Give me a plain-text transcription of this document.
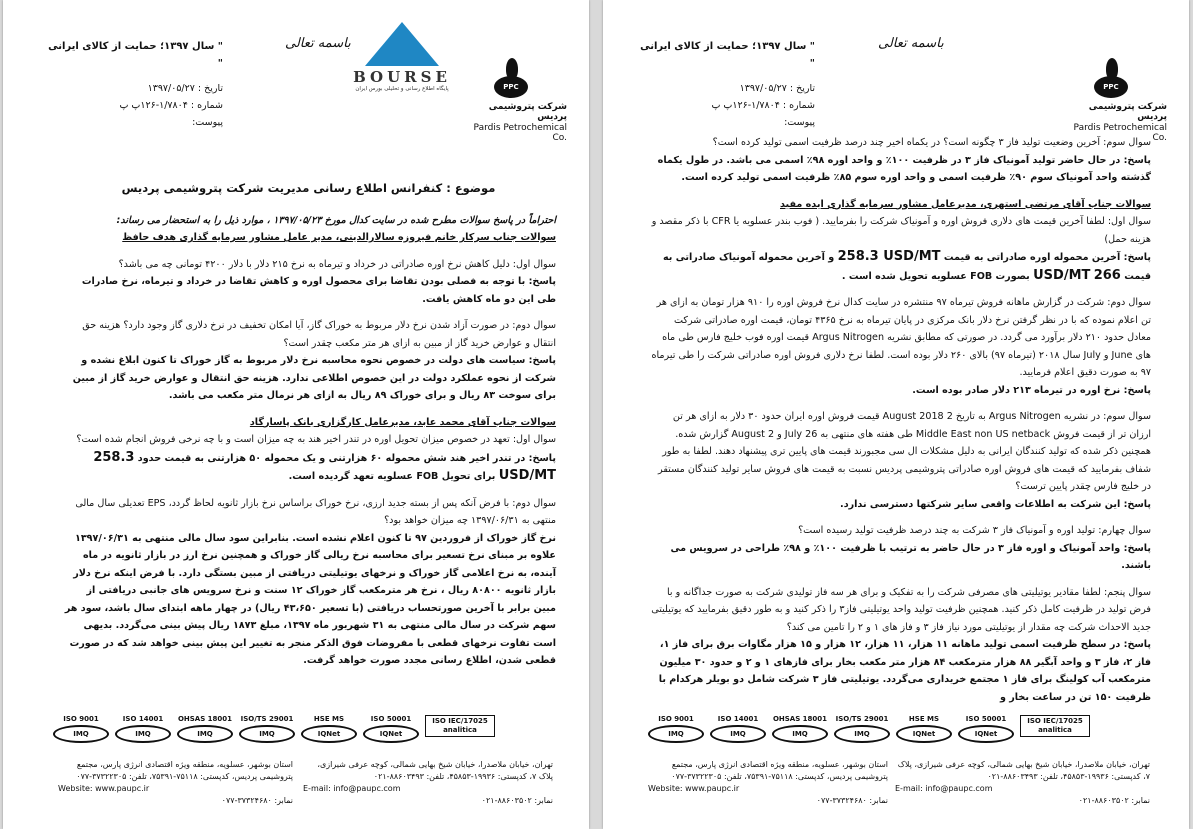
" سال ۱۳۹۷؛ حمایت از کالای ایرانی "
تاریخ : ۱۳۹۷/۰۵/۲۷
شماره : ۱/۷۸۰۴-۱۲۶پ پ
پیوست:
باسمه تعالی
BOURSE
پایگاه اطلاع رسانی و تحلیلی بورس ایران	PPC
شرکت پتروشیمی پردیس
Pardis Petrochemical Co.

موضوع : کنفرانس اطلاع رسانی مدیریت شرکت پتروشیمی پردیس

احتراماً در پاسخ سوالات مطرح شده در سایت کدال مورخ ۱۳۹۷/۰۵/۲۳ ، موارد ذیل را به استحضار می رساند:

سوالات جناب سرکار خانم فیروزه سالارالدینی، مدیر عامل مشاور سرمایه گذاری هدف حافظ

سوال اول: دلیل کاهش نرخ اوره صادراتی در خرداد و تیرماه به نرخ ۲۱۵ دلار با دلار ۴۲۰۰ تومانی چه می باشد؟

پاسخ: با توجه به فصلی بودن تقاضا برای محصول اوره و کاهش تقاضا در خرداد و تیرماه، نرخ صادرات طی این دو ماه کاهش یافت.

سوال دوم: در صورت آزاد شدن نرخ دلار مربوط به خوراک گاز، آیا امکان تخفیف در نرخ دلاری گاز وجود دارد؟ هزینه حق انتقال و عوارض خرید گاز از مبین به ازای هر متر مکعب چقدر است؟

پاسخ: سیاست های دولت در خصوص نحوه محاسبه نرخ دلار مربوط به گاز خوراک تا کنون ابلاغ نشده و شرکت از نحوه عملکرد دولت در این خصوص اطلاعی ندارد. هزینه حق انتقال و عوارض خرید گاز از مبین برای سوخت ۸۳ ریال و برای خوراک ۸۹ ریال به ازای هر نرمال متر مکعب می باشد.

سوالات جناب آقای محمد عابد، مدیرعامل کارگزاری بانک پاسارگاد

سوال اول: تعهد در خصوص میزان تحویل اوره در تندر اخیر هند به چه میزان است و با چه نرخی فروش انجام شده است؟

پاسخ: در تندر اخیر هند شش محموله ۶۰ هزارتنی و یک محموله ۵۰ هزارتنی به قیمت حدود 258.3 USD/MT برای تحویل FOB عسلویه تعهد گردیده است.

سوال دوم: با فرض آنکه پس از بسته جدید ارزی، نرخ خوراک براساس نرخ بازار ثانویه لحاظ گردد، EPS تعدیلی سال مالی منتهی به ۱۳۹۷/۰۶/۳۱ چه میزان خواهد بود؟

نرخ گاز خوراک از فروردین ۹۷ تا کنون اعلام نشده است. بنابراین سود سال مالی منتهی به ۱۳۹۷/۰۶/۳۱ علاوه بر مبنای نرخ تسعیر برای محاسبه نرخ ریالی گاز خوراک و همچنین نرخ ارز در بازار ثانویه در ماه آینده، به نرخ اعلامی گاز خوراک و نرخهای یوتیلیتی دریافتی از مبین بستگی دارد. با فرض اینکه نرخ دلار بازار ثانویه ۸۰۸۰۰ ریال ، نرخ هر مترمکعب گاز خوراک ۱۲ سنت و نرخ سرویس های جانبی دریافتی از مبین برابر با آخرین صورتحساب دریافتی (با تسعیر ۴۳،۶۵۰ ریال) در چهار ماهه ابتدای سال باشد، سود هر سهم شرکت در سال مالی منتهی به ۳۱ شهریور ماه ۱۳۹۷، مبلغ ۱۸۷۳ ریال پیش بینی می‌گردد. بدیهی است تفاوت نرخهای قطعی با مفروضات فوق الذکر منجر به تغییر این پیش بینی خواهد شد که در صورت قطعی شدن، اطلاع رسانی مجدد صورت خواهد گرفت.

ISO 9001
IMQ
ISO 14001
IMQ
OHSAS 18001
IMQ
ISO/TS 29001
IMQ
HSE MS
IQNet
ISO 50001
IQNet
ISO IEC/17025
analitica
تهران، خیابان ملاصدرا، خیابان شیخ بهایی شمالی، کوچه عرفی شیرازی، پلاک ۷، کدپستی: ۱۹۹۳۶-۴۵۸۵۳، تلفن: ۸۸۶۰۳۴۹۳-۰۲۱
E-mail: info@paupc.com
نمابر: ۸۸۶۰۳۵۰۲-۰۲۱
استان بوشهر، عسلویه، منطقه ویژه اقتصادی انرژی پارس، مجتمع پتروشیمی پردیس، کدپستی: ۷۵۱۱۸-۷۵۳۹۱، تلفن: ۳۷۳۲۲۳۰۵-۰۷۷
Website: www.paupc.ir
نمابر: ۳۷۳۲۴۶۸۰-۰۷۷
" سال ۱۳۹۷؛ حمایت از کالای ایرانی "
تاریخ : ۱۳۹۷/۰۵/۲۷
شماره : ۱/۷۸۰۴-۱۲۶پ پ
پیوست:
باسمه تعالی
PPC
شرکت پتروشیمی پردیس
Pardis Petrochemical Co.

سوال سوم: آخرین وضعیت تولید فاز ۳ چگونه است؟ در یکماه اخیر چند درصد ظرفیت اسمی تولید کرده است؟

پاسخ: در حال حاضر تولید آمونیاک فاز ۳ در ظرفیت ۱۰۰٪ و واحد اوره ۹۸٪ اسمی می باشد. در طول یکماه گذشته واحد آمونیاک سوم ۹۰٪ ظرفیت اسمی و واحد اوره سوم ۸۵٪ ظرفیت اسمی تولید کرده است.

سوالات جناب آقای مرتضی استهری، مدیرعامل مشاور سرمایه گذاری ایده مفید

سوال اول: لطفا آخرین قیمت های دلاری فروش اوره و آمونیاک شرکت را بفرمایید. ( فوب بندر عسلویه یا CFR با ذکر مقصد و هزینه حمل)

پاسخ: آخرین محموله اوره صادراتی به قیمت 258.3 USD/MT و آخرین محموله آمونیاک صادراتی به قیمت 266 USD/MT بصورت FOB عسلویه تحویل شده است .

سوال دوم: شرکت در گزارش ماهانه فروش تیرماه ۹۷ منتشره در سایت کدال نرخ فروش اوره را ۹۱۰ هزار تومان به ازای هر تن اعلام نموده که با در نظر گرفتن نرخ دلار بانک مرکزی در پایان تیرماه به نرخ ۴۳۶۵ تومان، قیمت اوره صادراتی شرکت معادل حدود ۲۱۰ دلار برآورد می گردد. در صورتی که مطابق نشریه Argus Nitrogen قیمت اوره فوب خلیج فارس طی ماه های June و July سال ۲۰۱۸ (تیرماه ۹۷) بالای ۲۶۰ دلار بوده است. لطفا نرخ دلاری فروش اوره صادراتی شرکت را طی تیرماه ۹۷ به صورت دقیق اعلام فرمایید.

پاسخ: نرخ اوره در تیرماه ۲۱۳ دلار صادر بوده است.

سوال سوم: در نشریه Argus Nitrogen به تاریخ 2 August 2018 قیمت فروش اوره ایران حدود ۳۰ دلار به ازای هر تن ارزان تر از قیمت فروش Middle East non US netback طی هفته های منتهی به 26 July و 2 August گزارش شده. همچنین ذکر شده که تولید کنندگان ایرانی به دلیل مشکلات ال سی مجبورند قیمت های پایین تری پیشنهاد دهند. لطفا به طور شفاف بفرمایید که قیمت های فروش اوره صادراتی پتروشیمی پردیس نسبت به قیمت های فروش سایر تولید کنندگان مستقر در خلیج فارس چقدر پایین ترست؟

پاسخ: این شرکت به اطلاعات واقعی سایر شرکتها دسترسی ندارد.

سوال چهارم: تولید اوره و آمونیاک فاز ۳ شرکت به چند درصد ظرفیت تولید رسیده است؟

پاسخ: واحد آمونیاک و اوره فاز ۳ در حال حاضر به ترتیب با ظرفیت ۱۰۰٪ و ۹۸٪ طراحی در سرویس می باشند.

سوال پنجم: لطفا مقادیر یوتیلیتی های مصرفی شرکت را به تفکیک و برای هر سه فاز تولیدی شرکت به صورت جداگانه و با فرض تولید در ظرفیت کامل ذکر کنید. همچنین ظرفیت تولید واحد یوتیلیتی فاز۳ را ذکر کنید و به طور دقیق بفرمایید که یوتیلیتی جدید الاحداث شرکت چه مقدار از یوتیلیتی مورد نیاز فاز ۳ و فاز های ۱ و ۲ را تامین می کند؟

پاسخ: در سطح ظرفیت اسمی تولید ماهانه ۱۱ هزار، ۱۱ هزار، ۱۲ هزار و ۱۵ هزار مگاوات برق برای فاز ۱، فاز ۲، فاز ۳ و واحد آبگیر ۸۸ هزار مترمکعب ۸۴ هزار متر مکعب بخار برای فازهای ۱ و ۲ و حدود ۳۰ میلیون مترمکعب آب کولینگ برای فاز ۱ مجتمع خریداری می‌گردد. یوتیلیتی فاز ۳ شرکت شامل دو بویلر هرکدام با ظرفیت ۱۵۰ تن در ساعت بخار و

ISO 9001
IMQ
ISO 14001
IMQ
OHSAS 18001
IMQ
ISO/TS 29001
IMQ
HSE MS
IQNet
ISO 50001
IQNet
ISO IEC/17025
analitica
تهران، خیابان ملاصدرا، خیابان شیخ بهایی شمالی، کوچه عرفی شیرازی، پلاک ۷، کدپستی: ۱۹۹۳۶-۴۵۸۵۳، تلفن: ۸۸۶۰۳۴۹۳-۰۲۱
E-mail: info@paupc.com
نمابر: ۸۸۶۰۳۵۰۲-۰۲۱
استان بوشهر، عسلویه، منطقه ویژه اقتصادی انرژی پارس، مجتمع پتروشیمی پردیس، کدپستی: ۷۵۱۱۸-۷۵۳۹۱، تلفن: ۳۷۳۲۲۳۰۵-۰۷۷
Website: www.paupc.ir
نمابر: ۳۷۳۲۴۶۸۰-۰۷۷
